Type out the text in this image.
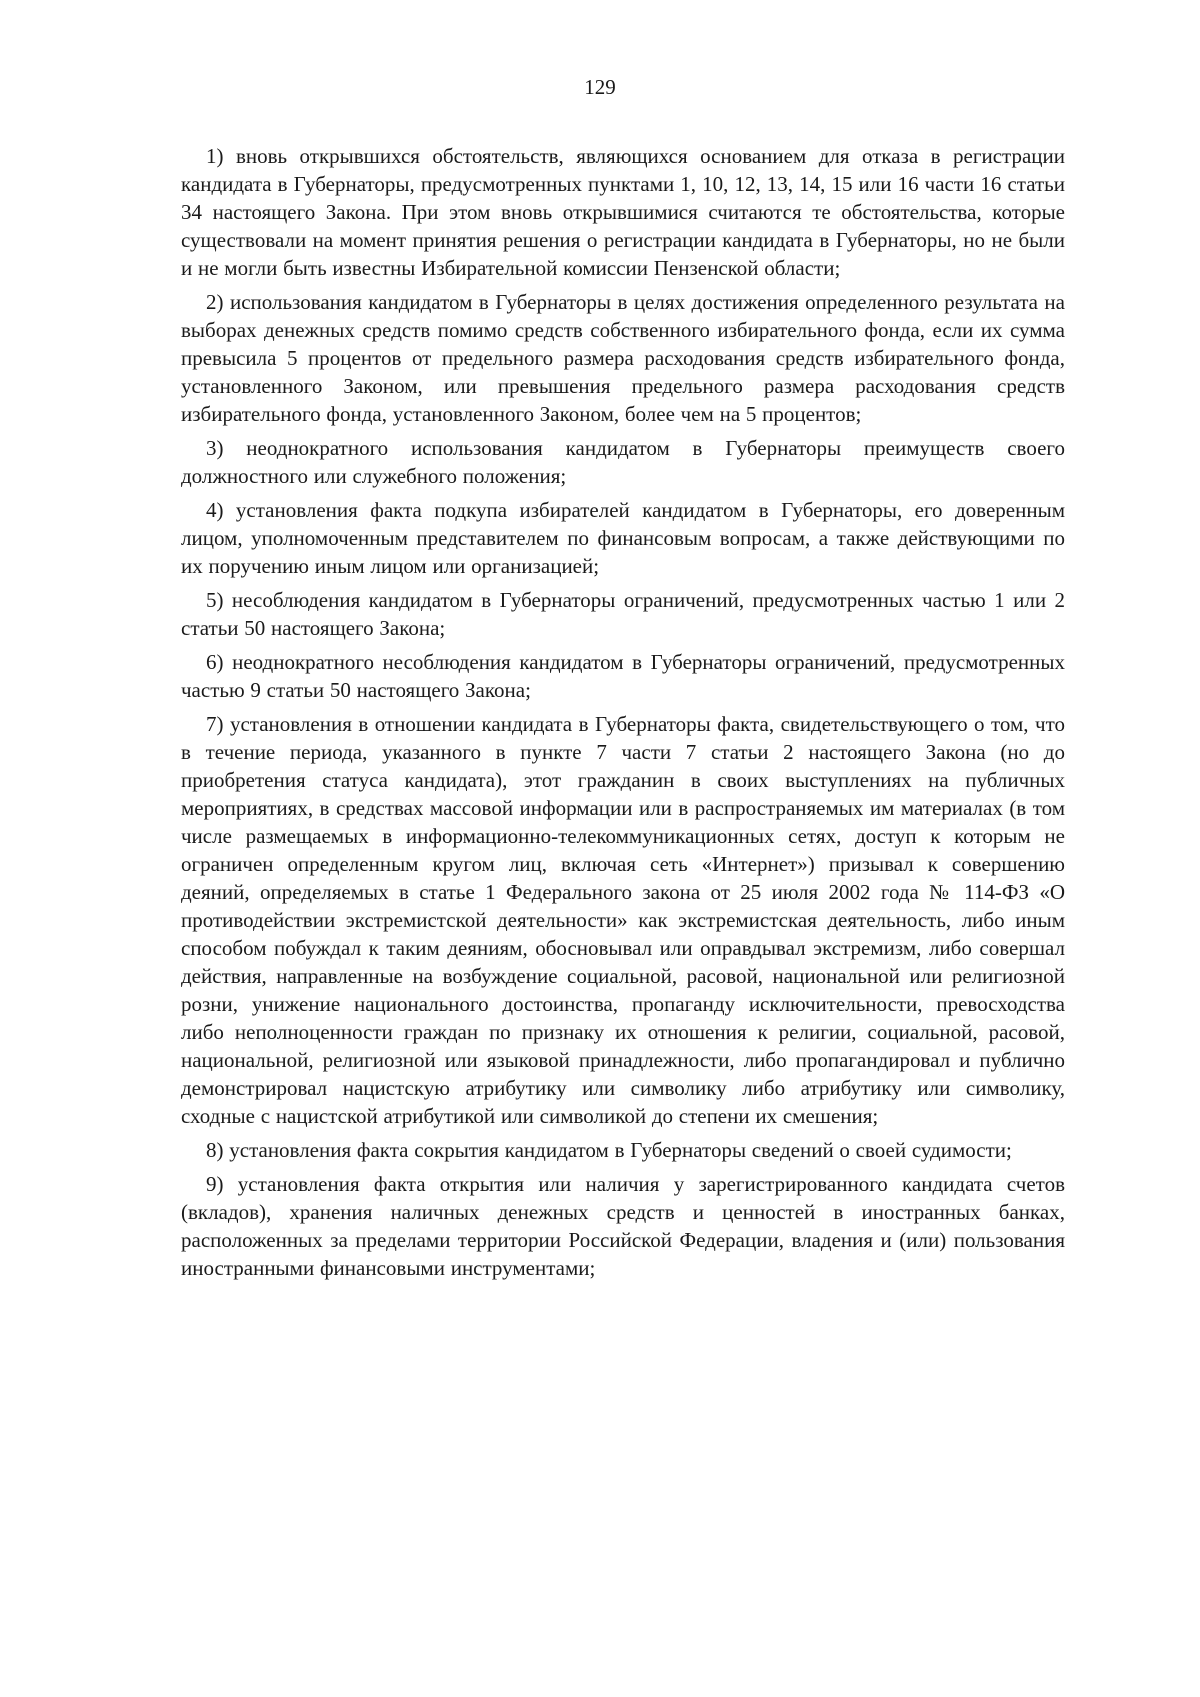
129

1) вновь открывшихся обстоятельств, являющихся основанием для отказа в регистрации кандидата в Губернаторы, предусмотренных пунктами 1, 10, 12, 13, 14, 15 или 16 части 16 статьи 34 настоящего Закона. При этом вновь открывшимися считаются те обстоятельства, которые существовали на момент принятия решения о регистрации кандидата в Губернаторы, но не были и не могли быть известны Избирательной комиссии Пензенской области;

2) использования кандидатом в Губернаторы в целях достижения определенного результата на выборах денежных средств помимо средств собственного избирательного фонда, если их сумма превысила 5 процентов от предельного размера расходования средств избирательного фонда, установленного Законом, или превышения предельного размера расходования средств избирательного фонда, установленного Законом, более чем на 5 процентов;

3) неоднократного использования кандидатом в Губернаторы преимуществ своего должностного или служебного положения;

4) установления факта подкупа избирателей кандидатом в Губернаторы, его доверенным лицом, уполномоченным представителем по финансовым вопросам, а также действующими по их поручению иным лицом или организацией;

5) несоблюдения кандидатом в Губернаторы ограничений, предусмотренных частью 1 или 2 статьи 50 настоящего Закона;

6) неоднократного несоблюдения кандидатом в Губернаторы ограничений, предусмотренных частью 9 статьи 50 настоящего Закона;

7) установления в отношении кандидата в Губернаторы факта, свидетельствующего о том, что в течение периода, указанного в пункте 7 части 7 статьи 2 настоящего Закона (но до приобретения статуса кандидата), этот гражданин в своих выступлениях на публичных мероприятиях, в средствах массовой информации или в распространяемых им материалах (в том числе размещаемых в информационно-телекоммуникационных сетях, доступ к которым не ограничен определенным кругом лиц, включая сеть «Интернет») призывал к совершению деяний, определяемых в статье 1 Федерального закона от 25 июля 2002 года № 114-ФЗ «О противодействии экстремистской деятельности» как экстремистская деятельность, либо иным способом побуждал к таким деяниям, обосновывал или оправдывал экстремизм, либо совершал действия, направленные на возбуждение социальной, расовой, национальной или религиозной розни, унижение национального достоинства, пропаганду исключительности, превосходства либо неполноценности граждан по признаку их отношения к религии, социальной, расовой, национальной, религиозной или языковой принадлежности, либо пропагандировал и публично демонстрировал нацистскую атрибутику или символику либо атрибутику или символику, сходные с нацистской атрибутикой или символикой до степени их смешения;

8) установления факта сокрытия кандидатом в Губернаторы сведений о своей судимости;

9) установления факта открытия или наличия у зарегистрированного кандидата счетов (вкладов), хранения наличных денежных средств и ценностей в иностранных банках, расположенных за пределами территории Российской Федерации, владения и (или) пользования иностранными финансовыми инструментами;
